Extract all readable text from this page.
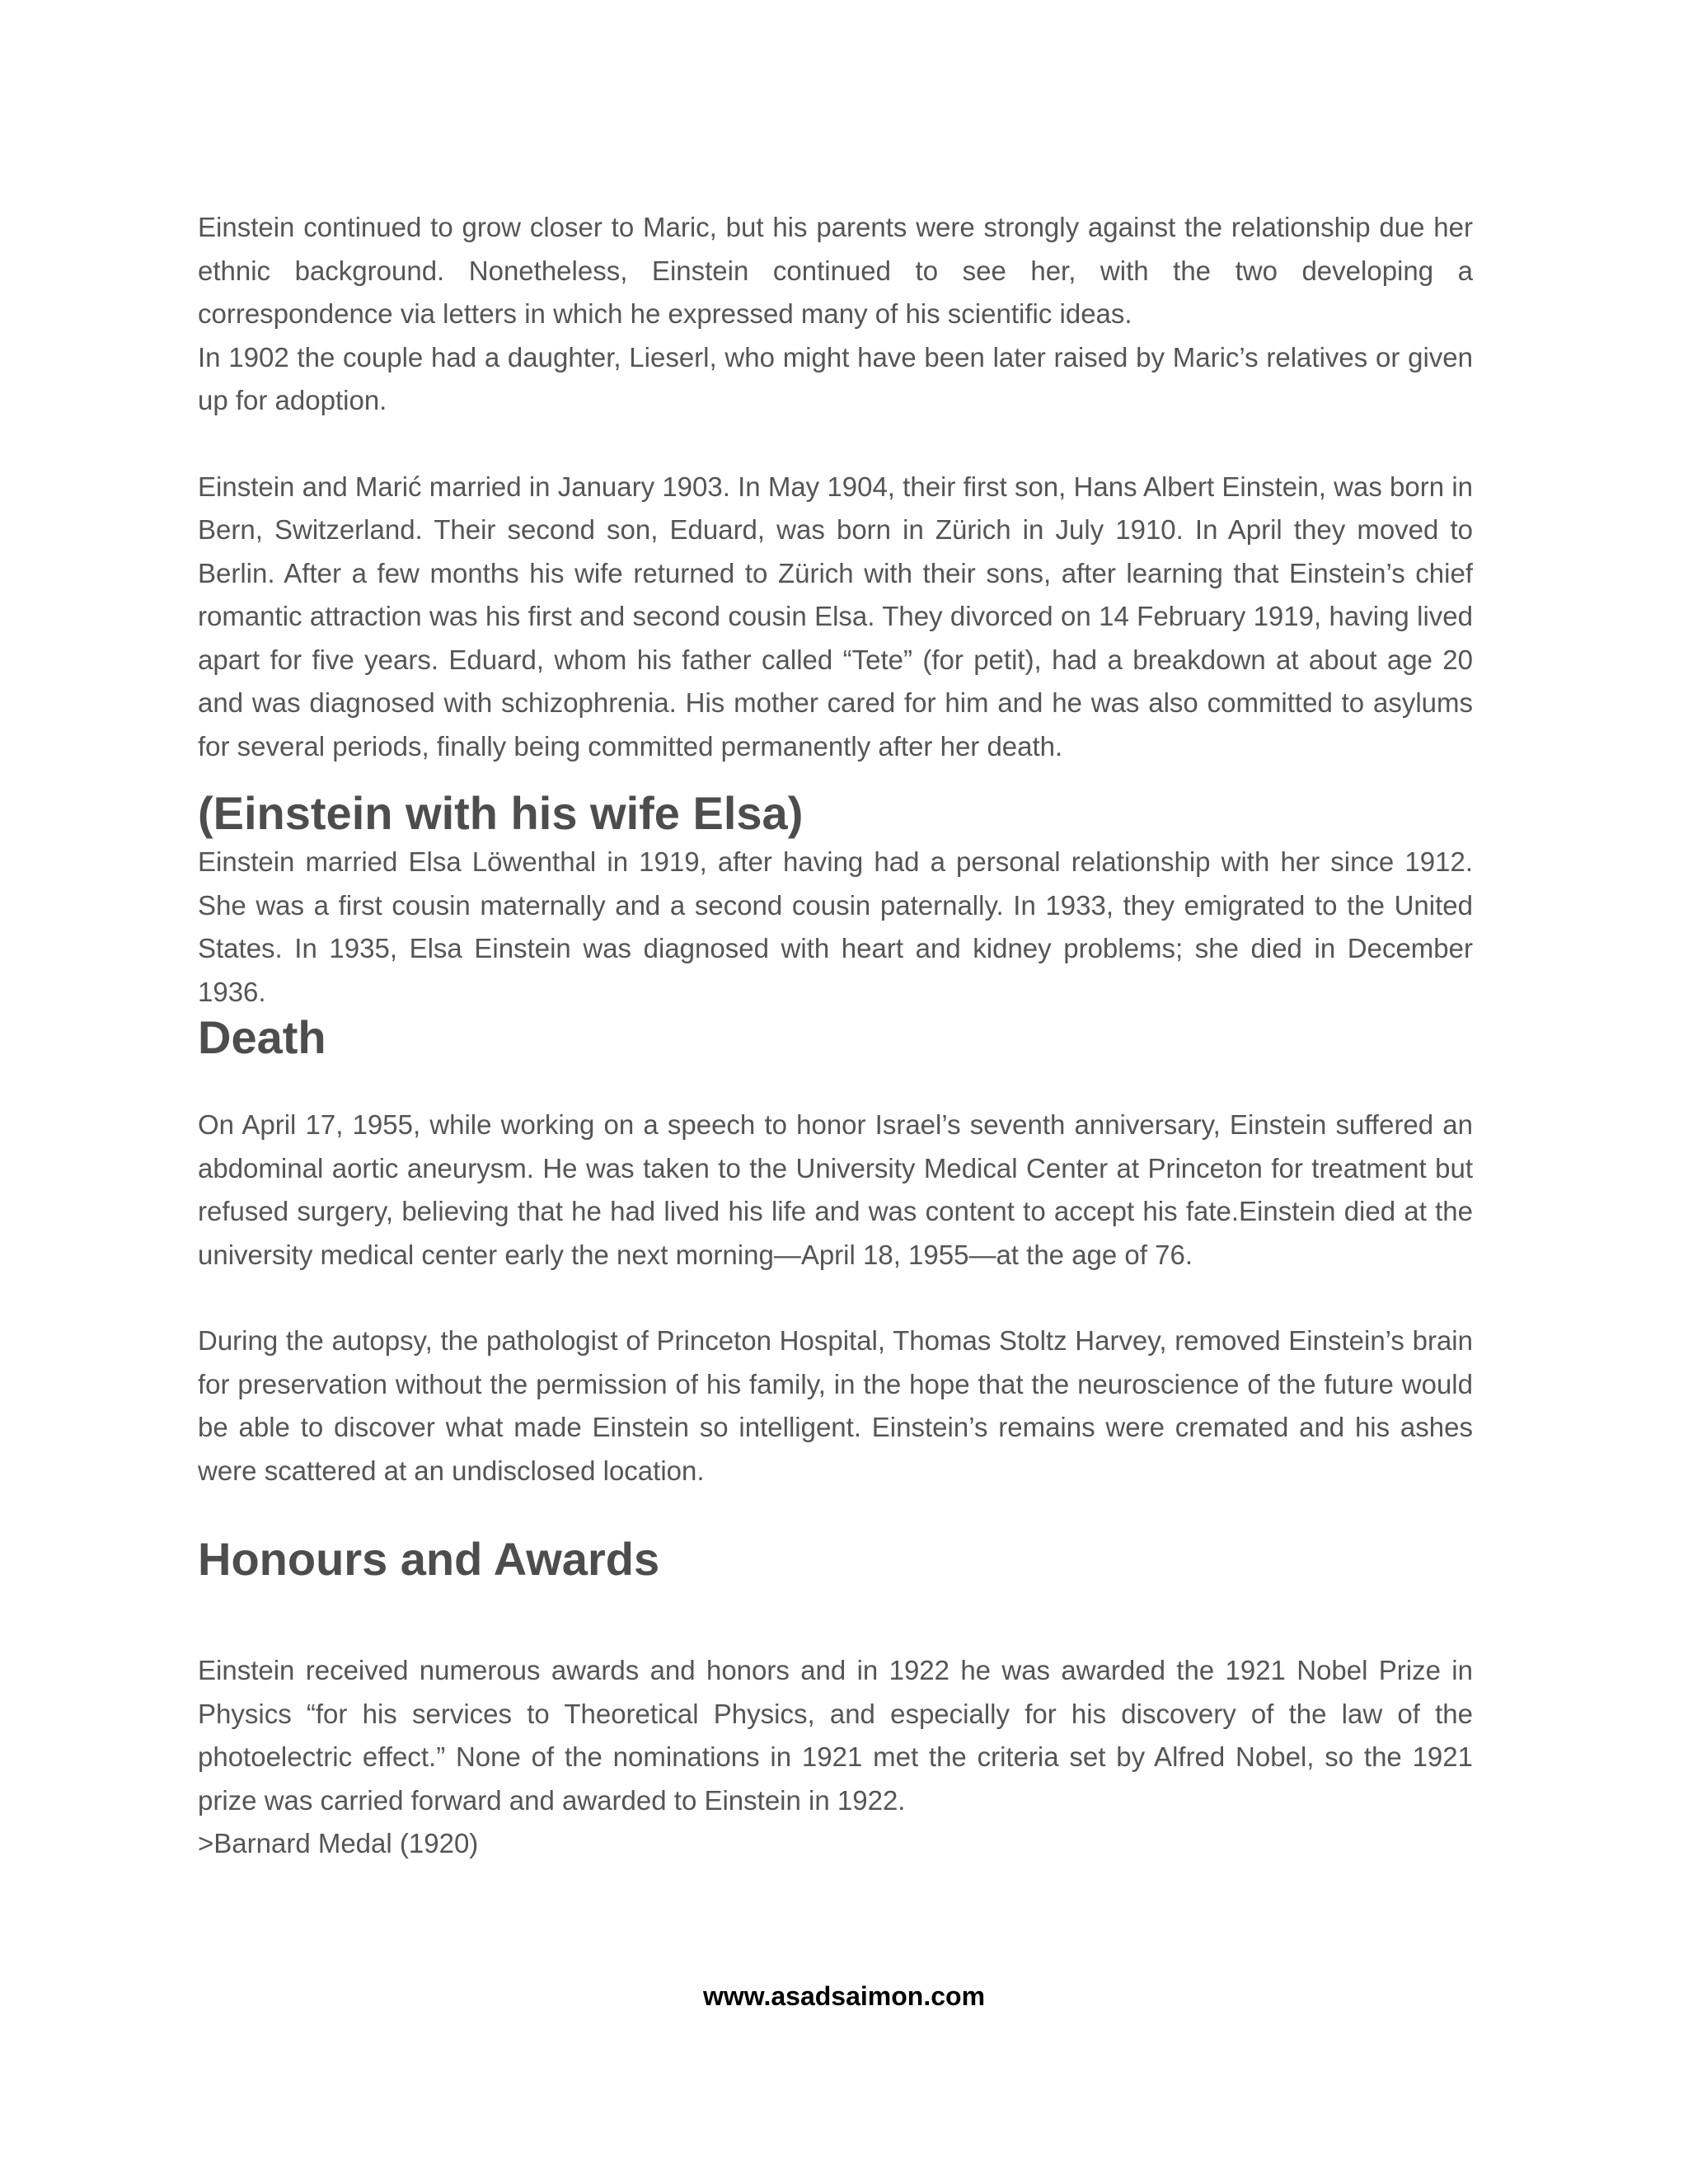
Einstein continued to grow closer to Maric, but his parents were strongly against the relationship due her ethnic background. Nonetheless, Einstein continued to see her, with the two developing a correspondence via letters in which he expressed many of his scientific ideas.

In 1902 the couple had a daughter, Lieserl, who might have been later raised by Maric’s relatives or given up for adoption.

Einstein and Marić married in January 1903. In May 1904, their first son, Hans Albert Einstein, was born in Bern, Switzerland. Their second son, Eduard, was born in Zürich in July 1910. In April they moved to Berlin. After a few months his wife returned to Zürich with their sons, after learning that Einstein’s chief romantic attraction was his first and second cousin Elsa. They divorced on 14 February 1919, having lived apart for five years. Eduard, whom his father called “Tete” (for petit), had a breakdown at about age 20 and was diagnosed with schizophrenia. His mother cared for him and he was also committed to asylums for several periods, finally being committed permanently after her death.

(Einstein with his wife Elsa)

Einstein married Elsa Löwenthal in 1919, after having had a personal relationship with her since 1912. She was a first cousin maternally and a second cousin paternally. In 1933, they emigrated to the United States. In 1935, Elsa Einstein was diagnosed with heart and kidney problems; she died in December 1936.

Death

On April 17, 1955, while working on a speech to honor Israel’s seventh anniversary, Einstein suffered an abdominal aortic aneurysm. He was taken to the University Medical Center at Princeton for treatment but refused surgery, believing that he had lived his life and was content to accept his fate.Einstein died at the university medical center early the next morning—April 18, 1955—at the age of 76.

During the autopsy, the pathologist of Princeton Hospital, Thomas Stoltz Harvey, removed Einstein’s brain for preservation without the permission of his family, in the hope that the neuroscience of the future would be able to discover what made Einstein so intelligent. Einstein’s remains were cremated and his ashes were scattered at an undisclosed location.

Honours and Awards

Einstein received numerous awards and honors and in 1922 he was awarded the 1921 Nobel Prize in Physics “for his services to Theoretical Physics, and especially for his discovery of the law of the photoelectric effect.” None of the nominations in 1921 met the criteria set by Alfred Nobel, so the 1921 prize was carried forward and awarded to Einstein in 1922.

>Barnard Medal (1920)

www.asadsaimon.com
